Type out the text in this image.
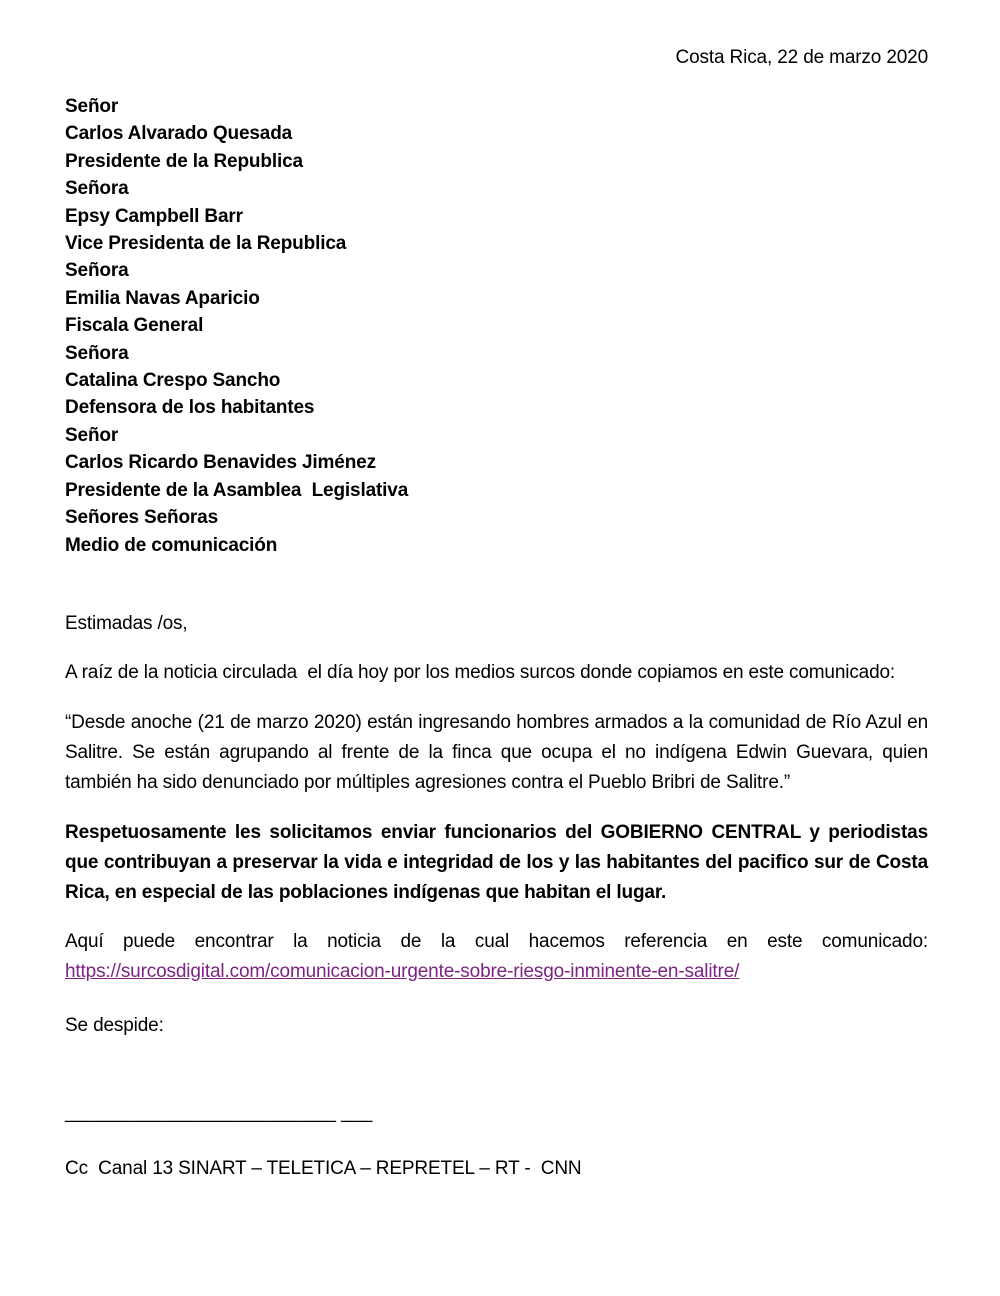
Costa Rica, 22 de marzo 2020
Señor
Carlos Alvarado Quesada
Presidente de la Republica
Señora
Epsy Campbell Barr
Vice Presidenta de la Republica
Señora
Emilia Navas Aparicio
Fiscala General
Señora
Catalina Crespo Sancho
Defensora de los habitantes
Señor
Carlos Ricardo Benavides Jiménez
Presidente de la Asamblea  Legislativa
Señores Señoras
Medio de comunicación

Estimadas /os,

A raíz de la noticia circulada  el día hoy por los medios surcos donde copiamos en este comunicado:

“Desde anoche (21 de marzo 2020) están ingresando hombres armados a la comunidad de Río Azul en Salitre. Se están agrupando al frente de la finca que ocupa el no indígena Edwin Guevara, quien también ha sido denunciado por múltiples agresiones contra el Pueblo Bribri de Salitre.”

Respetuosamente les solicitamos enviar funcionarios del GOBIERNO CENTRAL y periodistas que contribuyan a preservar la vida e integridad de los y las habitantes del pacifico sur de Costa Rica, en especial de las poblaciones indígenas que habitan el lugar.

Aquí puede encontrar la noticia de la cual hacemos referencia en este comunicado: https://surcosdigital.com/comunicacion-urgente-sobre-riesgo-inminente-en-salitre/

Se despide:

__________________________ ___

Cc  Canal 13 SINART – TELETICA – REPRETEL – RT -  CNN
